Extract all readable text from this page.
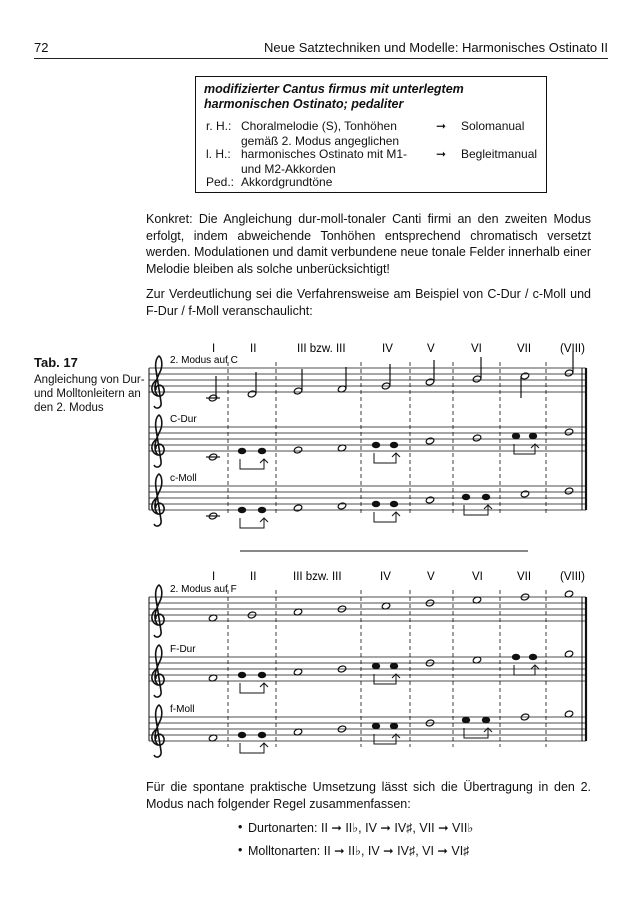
72	Neue Satztechniken und Modelle: Harmonisches Ostinato II
modifizierter Cantus firmus mit unterlegtem harmonischen Ostinato; pedaliter
r. H.: Choralmelodie (S), Tonhöhen gemäß 2. Modus angeglichen
➞ Solomanual
l. H.: harmonisches Ostinato mit M1- und M2-Akkorden
➞ Begleitmanual
Ped.: Akkordgrundtöne
Konkret: Die Angleichung dur-moll-tonaler Canti firmi an den zweiten Modus erfolgt, indem abweichende Tonhöhen entsprechend chromatisch versetzt werden. Modulationen und damit verbundene neue tonale Felder innerhalb einer Melodie bleiben als solche unberücksichtigt!
Zur Verdeutlichung sei die Verfahrensweise am Beispiel von C-Dur / c-Moll und F-Dur / f-Moll veranschaulicht:
Tab. 17
Angleichung von Dur- und Molltonleitern an den 2. Modus
I	II	III bzw. III	IV	V	VI	VII	(VIII)
2. Modus auf C
C-Dur
c-Moll
I	II	III bzw. III	IV	V	VI	VII	(VIII)
2. Modus auf F
F-Dur
f-Moll
Für die spontane praktische Umsetzung lässt sich die Übertragung in den 2. Modus nach folgender Regel zusammenfassen:
• Durtonarten: II ➞ II♭, IV ➞ IV♯, VII ➞ VII♭
• Molltonarten: II ➞ II♭, IV ➞ IV♯, VI ➞ VI♯
